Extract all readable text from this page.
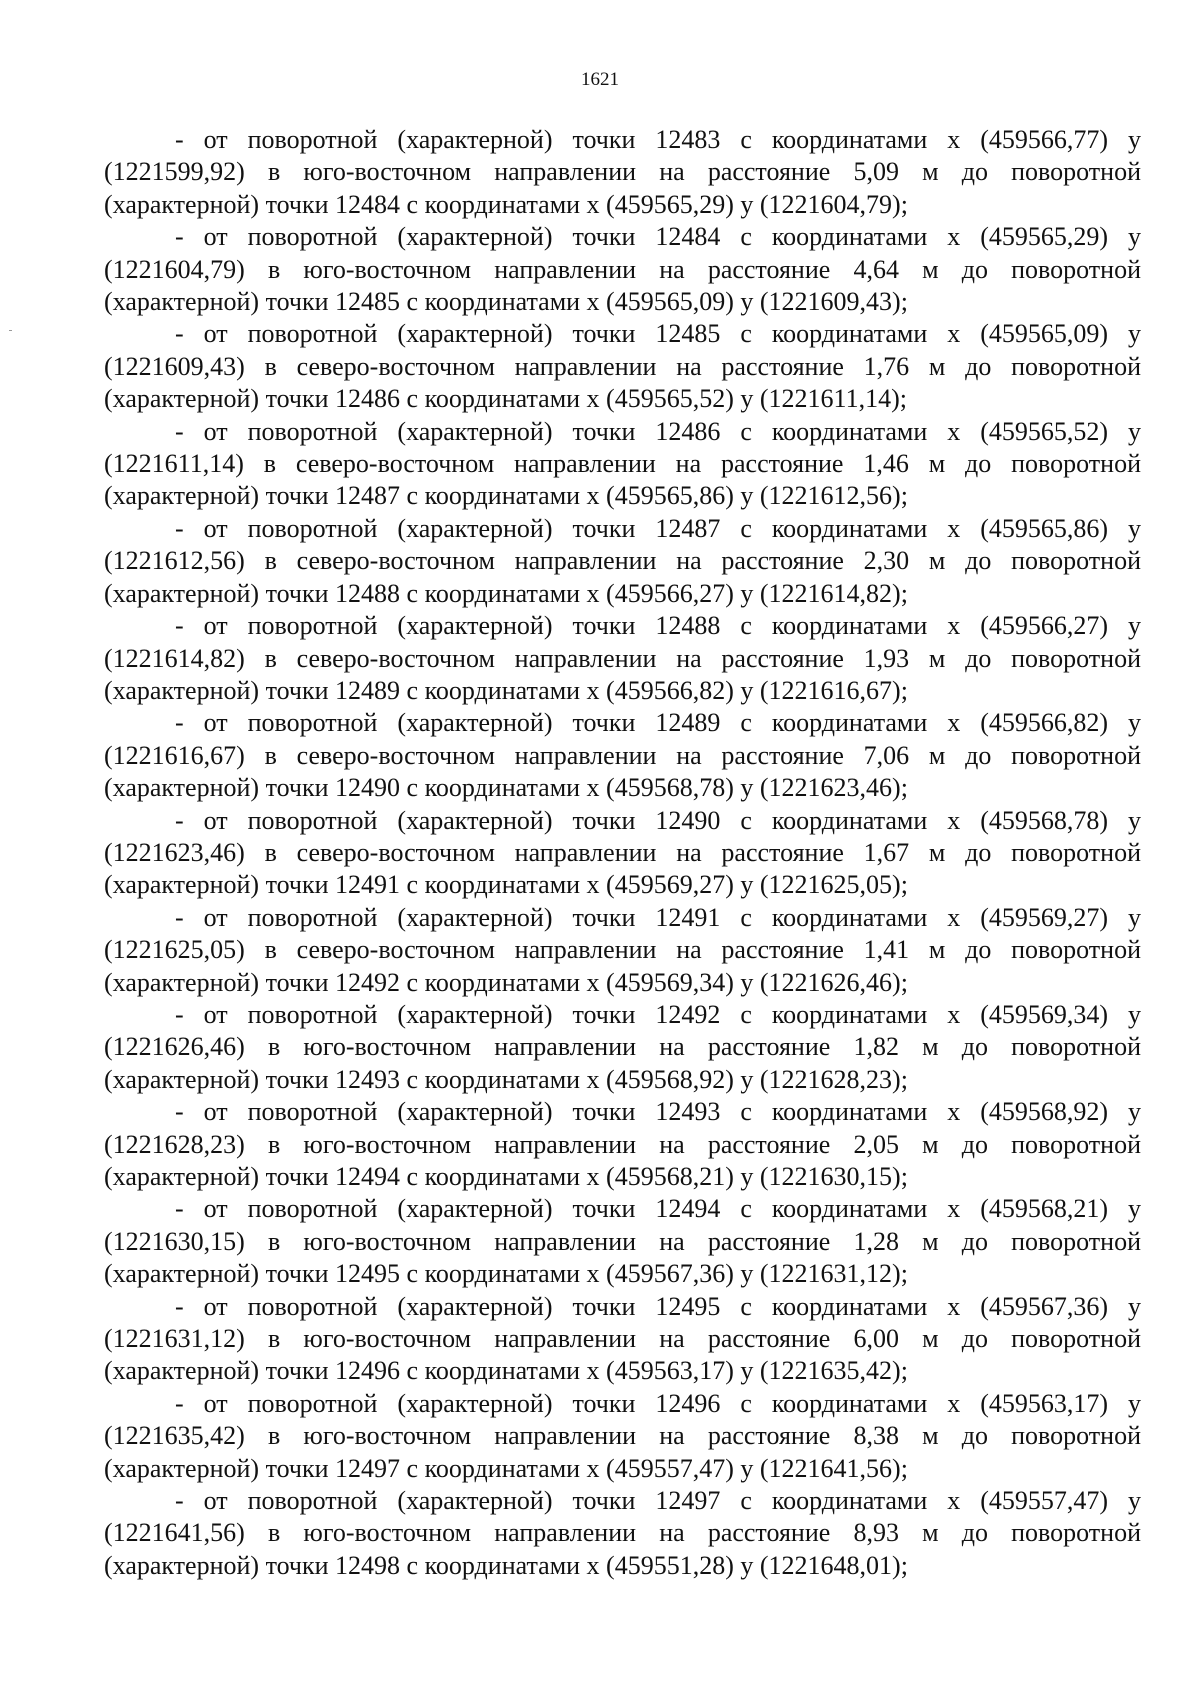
1621

- от поворотной (характерной) точки 12483 с координатами х (459566,77) у (1221599,92) в юго-восточном направлении на расстояние 5,09 м до поворотной (характерной) точки 12484 с координатами х (459565,29) у (1221604,79);

- от поворотной (характерной) точки 12484 с координатами х (459565,29) у (1221604,79) в юго-восточном направлении на расстояние 4,64 м до поворотной (характерной) точки 12485 с координатами х (459565,09) у (1221609,43);

- от поворотной (характерной) точки 12485 с координатами х (459565,09) у (1221609,43) в северо-восточном направлении на расстояние 1,76 м до поворотной (характерной) точки 12486 с координатами х (459565,52) у (1221611,14);

- от поворотной (характерной) точки 12486 с координатами х (459565,52) у (1221611,14) в северо-восточном направлении на расстояние 1,46 м до поворотной (характерной) точки 12487 с координатами х (459565,86) у (1221612,56);

- от поворотной (характерной) точки 12487 с координатами х (459565,86) у (1221612,56) в северо-восточном направлении на расстояние 2,30 м до поворотной (характерной) точки 12488 с координатами х (459566,27) у (1221614,82);

- от поворотной (характерной) точки 12488 с координатами х (459566,27) у (1221614,82) в северо-восточном направлении на расстояние 1,93 м до поворотной (характерной) точки 12489 с координатами х (459566,82) у (1221616,67);

- от поворотной (характерной) точки 12489 с координатами х (459566,82) у (1221616,67) в северо-восточном направлении на расстояние 7,06 м до поворотной (характерной) точки 12490 с координатами х (459568,78) у (1221623,46);

- от поворотной (характерной) точки 12490 с координатами х (459568,78) у (1221623,46) в северо-восточном направлении на расстояние 1,67 м до поворотной (характерной) точки 12491 с координатами х (459569,27) у (1221625,05);

- от поворотной (характерной) точки 12491 с координатами х (459569,27) у (1221625,05) в северо-восточном направлении на расстояние 1,41 м до поворотной (характерной) точки 12492 с координатами х (459569,34) у (1221626,46);

- от поворотной (характерной) точки 12492 с координатами х (459569,34) у (1221626,46) в юго-восточном направлении на расстояние 1,82 м до поворотной (характерной) точки 12493 с координатами х (459568,92) у (1221628,23);

- от поворотной (характерной) точки 12493 с координатами х (459568,92) у (1221628,23) в юго-восточном направлении на расстояние 2,05 м до поворотной (характерной) точки 12494 с координатами х (459568,21) у (1221630,15);

- от поворотной (характерной) точки 12494 с координатами х (459568,21) у (1221630,15) в юго-восточном направлении на расстояние 1,28 м до поворотной (характерной) точки 12495 с координатами х (459567,36) у (1221631,12);

- от поворотной (характерной) точки 12495 с координатами х (459567,36) у (1221631,12) в юго-восточном направлении на расстояние 6,00 м до поворотной (характерной) точки 12496 с координатами х (459563,17) у (1221635,42);

- от поворотной (характерной) точки 12496 с координатами х (459563,17) у (1221635,42) в юго-восточном направлении на расстояние 8,38 м до поворотной (характерной) точки 12497 с координатами х (459557,47) у (1221641,56);

- от поворотной (характерной) точки 12497 с координатами х (459557,47) у (1221641,56) в юго-восточном направлении на расстояние 8,93 м до поворотной (характерной) точки 12498 с координатами х (459551,28) у (1221648,01);
